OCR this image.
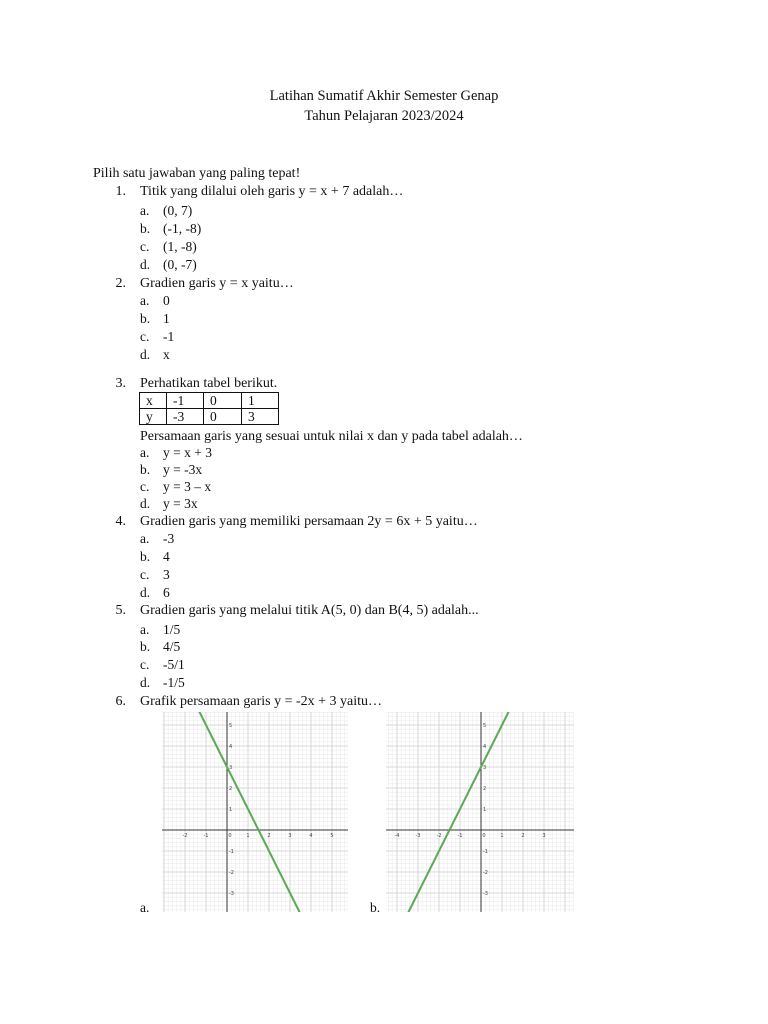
Latihan Sumatif Akhir Semester Genap
Tahun Pelajaran 2023/2024
Pilih satu jawaban yang paling tepat!
1. Titik yang dilalui oleh garis y = x + 7 adalah…
a.	(0, 7)
b. (-1, -8)
c.	(1, -8)
d. (0, -7)
2. Gradien garis y = x yaitu…
a.	0
b. 1
c.	-1
d. x
3. Perhatikan tabel berikut.
x	-1	0	1
y	-3	0	3
Persamaan garis yang sesuai untuk nilai x dan y pada tabel adalah…
a.	y = x + 3
b. y = -3x
c.	y = 3 – x
d. y = 3x
4. Gradien garis yang memiliki persamaan 2y = 6x + 5 yaitu…
a.	-3
b. 4
c.	3
d. 6
5. Gradien garis yang melalui titik A(5, 0) dan B(4, 5) adalah...
a.	1/5
b. 4/5
c.	-5/1
d. -1/5
6. Grafik persamaan garis y = -2x + 3 yaitu…
a.
-2	-1	0	1	2	3	4	5
5
4
3
2
1
-1
-2
-3
b.
-4	-3	-2	-1	0	1	2	3
5
4
3
2
1
-1
-2
-3
